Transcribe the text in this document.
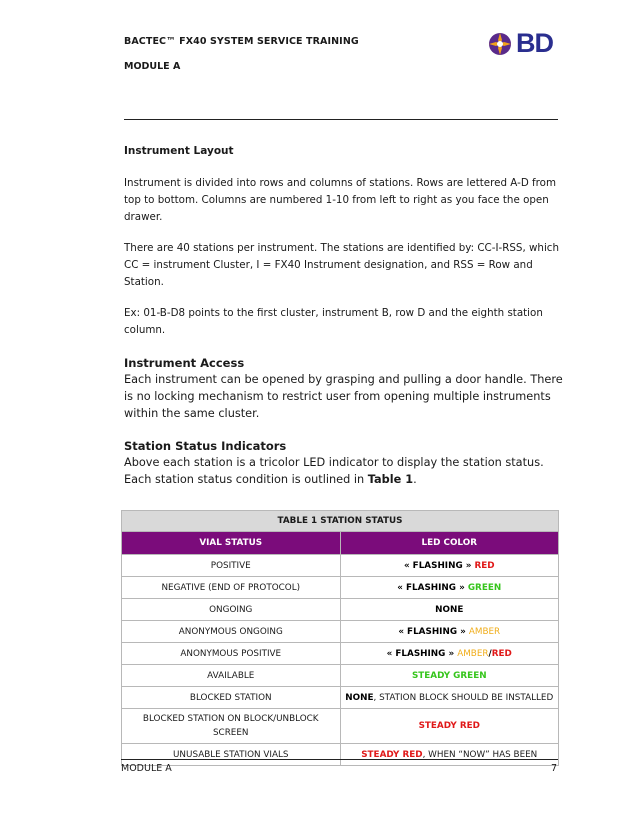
BACTEC™ FX40 SYSTEM SERVICE TRAINING
MODULE A
BD
Instrument Layout
Instrument is divided into rows and columns of stations. Rows are lettered A-D from top to bottom. Columns are numbered 1-10 from left to right as you face the open drawer.
There are 40 stations per instrument. The stations are identified by: CC-I-RSS, which CC = instrument Cluster, I = FX40 Instrument designation, and RSS = Row and Station.
Ex: 01-B-D8 points to the first cluster, instrument B, row D and the eighth station column.
Instrument Access
Each instrument can be opened by grasping and pulling a door handle. There is no locking mechanism to restrict user from opening multiple instruments within the same cluster.
Station Status Indicators
Above each station is a tricolor LED indicator to display the station status. Each station status condition is outlined in Table 1.
TABLE 1 STATION STATUS	
VIAL STATUS	LED COLOR
POSITIVE	« FLASHING » RED
NEGATIVE (END OF PROTOCOL)	« FLASHING » GREEN
ONGOING	NONE
ANONYMOUS ONGOING	« FLASHING » AMBER
ANONYMOUS POSITIVE	« FLASHING » AMBER/RED
AVAILABLE	STEADY GREEN
BLOCKED STATION	NONE, STATION BLOCK SHOULD BE INSTALLED
BLOCKED STATION ON BLOCK/UNBLOCK SCREEN	STEADY RED
UNUSABLE STATION VIALS	STEADY RED, WHEN “NOW” HAS BEEN
MODULE A	7
